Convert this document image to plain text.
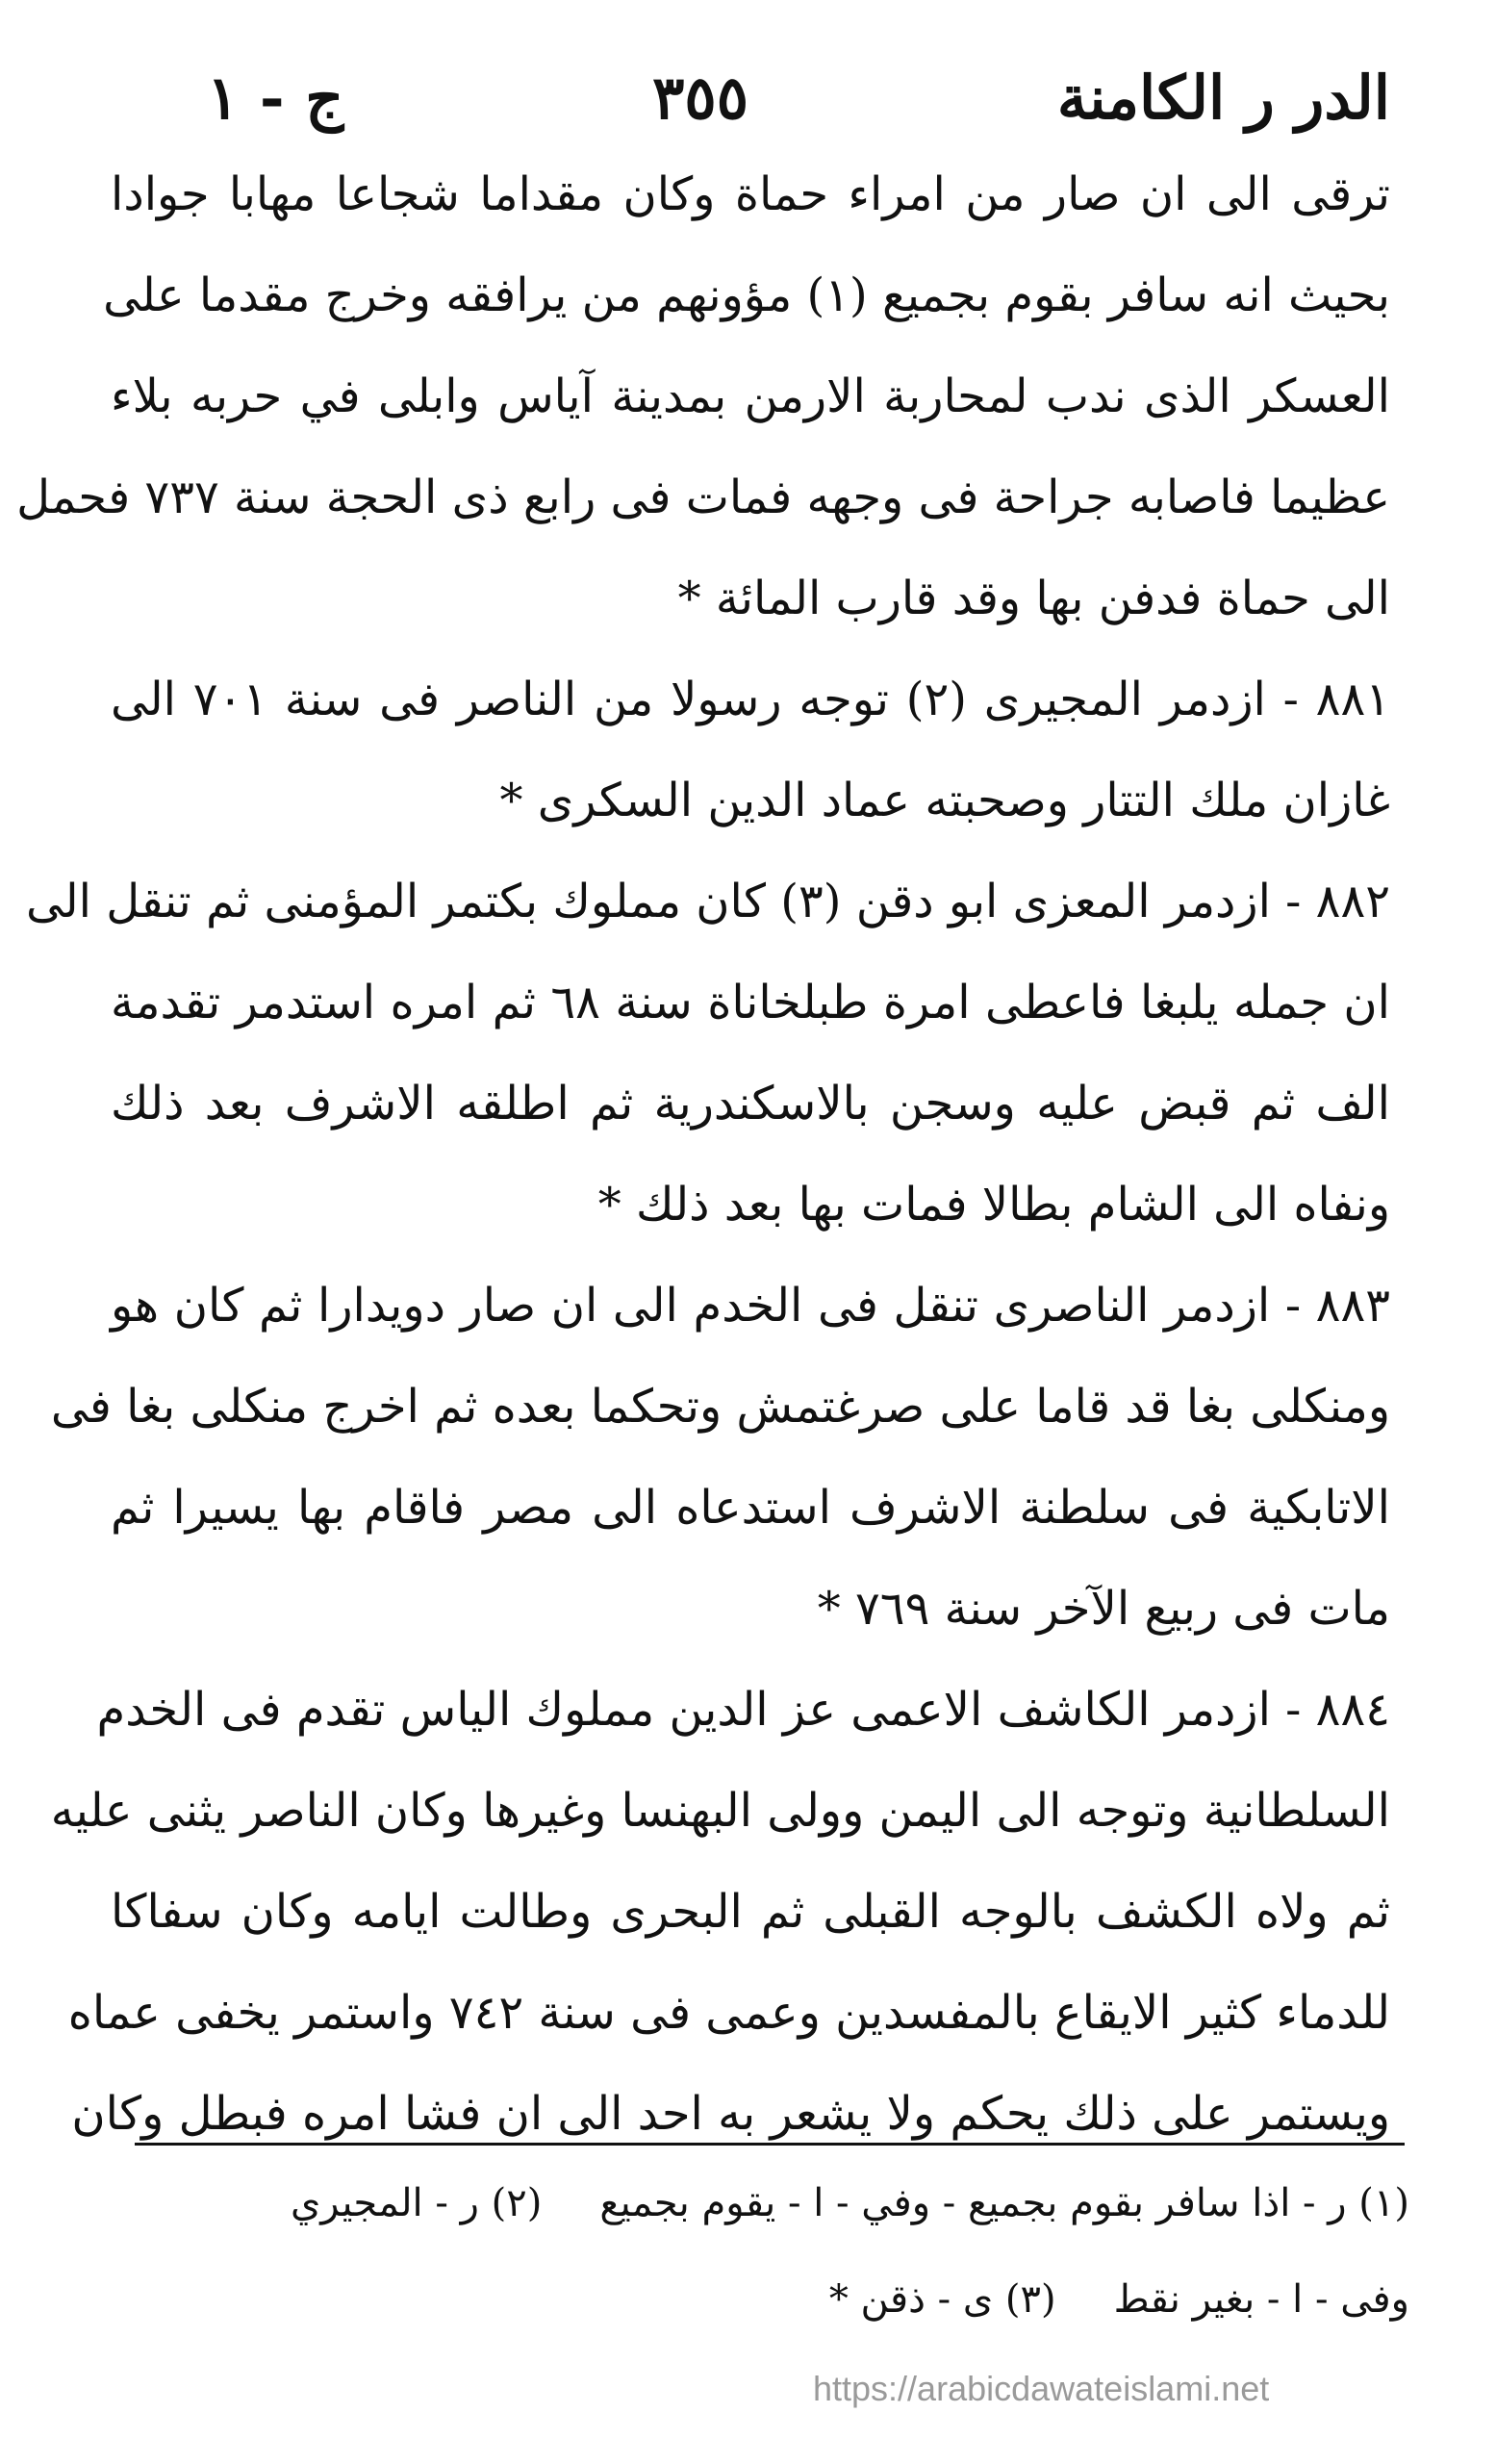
الدر ر الكامنة
٣٥٥
ج - ١
ترقى الى ان صار من امراء حماة وكان مقداما شجاعا مهابا جوادا
بحيث انه سافر بقوم بجميع (١) مؤونهم من يرافقه وخرج مقدما على
العسكر الذى ندب لمحاربة الارمن بمدينة آياس وابلى في حربه بلاء
عظيما فاصابه جراحة فى وجهه فمات فى رابع ذى الحجة سنة ٧٣٧ فحمل
الى حماة فدفن بها وقد قارب المائة *
٨٨١ - ازدمر المجيرى (٢) توجه رسولا من الناصر فى سنة ٧٠١ الى
غازان ملك التتار وصحبته عماد الدين السكرى *
٨٨٢ - ازدمر المعزى ابو دقن (٣) كان مملوك بكتمر المؤمنى ثم تنقل الى
ان جمله يلبغا فاعطى امرة طبلخاناة سنة ٦٨ ثم امره استدمر تقدمة
الف ثم قبض عليه وسجن بالاسكندرية ثم اطلقه الاشرف بعد ذلك
ونفاه الى الشام بطالا فمات بها بعد ذلك *
٨٨٣ - ازدمر الناصرى تنقل فى الخدم الى ان صار دويدارا ثم كان هو
ومنكلى بغا قد قاما على صرغتمش وتحكما بعده ثم اخرج منكلى بغا فى
الاتابكية فى سلطنة الاشرف استدعاه الى مصر فاقام بها يسيرا ثم
مات فى ربيع الآخر سنة ٧٦٩ *
٨٨٤ - ازدمر الكاشف الاعمى عز الدين مملوك الياس تقدم فى الخدم
السلطانية وتوجه الى اليمن وولى البهنسا وغيرها وكان الناصر يثنى عليه
ثم ولاه الكشف بالوجه القبلى ثم البحرى وطالت ايامه وكان سفاكا
للدماء كثير الايقاع بالمفسدين وعمى فى سنة ٧٤٢ واستمر يخفى عماه
ويستمر على ذلك يحكم ولا يشعر به احد الى ان فشا امره فبطل وكان
(١) ر - اذا سافر بقوم بجميع - وفي - ا - يقوم بجميع(٢) ر - المجيري
وفى - ا - بغير نقط(٣) ى - ذقن *
https://arabicdawateislami.net
